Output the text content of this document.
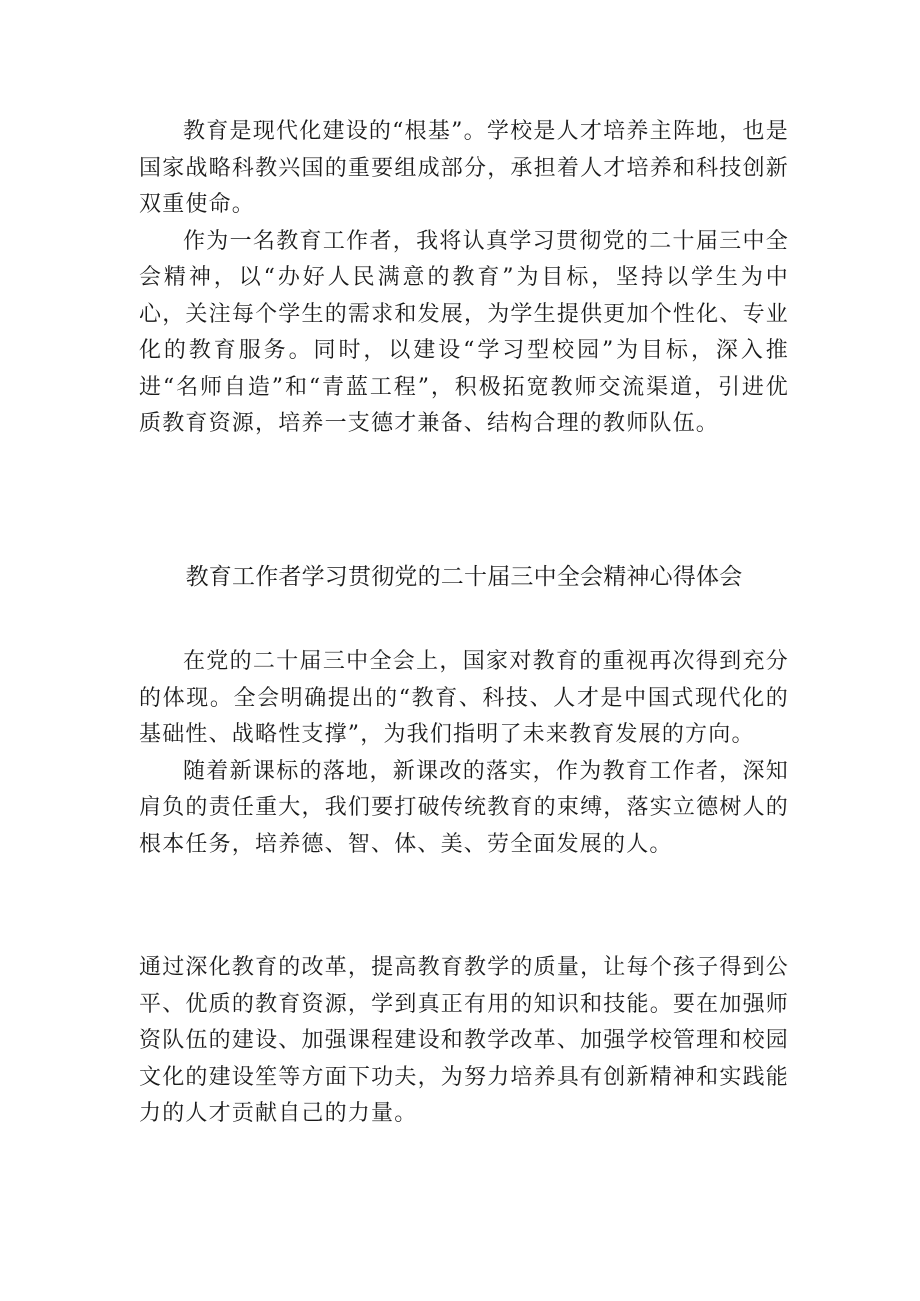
教育是现代化建设的“根基”。学校是人才培养主阵地，也是国家战略科教兴国的重要组成部分，承担着人才培养和科技创新双重使命。

作为一名教育工作者，我将认真学习贯彻党的二十届三中全会精神，以“办好人民满意的教育”为目标，坚持以学生为中心，关注每个学生的需求和发展，为学生提供更加个性化、专业化的教育服务。同时，以建设“学习型校园”为目标，深入推进“名师自造”和“青蓝工程”，积极拓宽教师交流渠道，引进优质教育资源，培养一支德才兼备、结构合理的教师队伍。

教育工作者学习贯彻党的二十届三中全会精神心得体会

在党的二十届三中全会上，国家对教育的重视再次得到充分的体现。全会明确提出的“教育、科技、人才是中国式现代化的基础性、战略性支撑”，为我们指明了未来教育发展的方向。

随着新课标的落地，新课改的落实，作为教育工作者，深知肩负的责任重大，我们要打破传统教育的束缚，落实立德树人的根本任务，培养德、智、体、美、劳全面发展的人。

通过深化教育的改革，提高教育教学的质量，让每个孩子得到公平、优质的教育资源，学到真正有用的知识和技能。要在加强师资队伍的建设、加强课程建设和教学改革、加强学校管理和校园文化的建设笙等方面下功夫，为努力培养具有创新精神和实践能力的人才贡献自己的力量。
